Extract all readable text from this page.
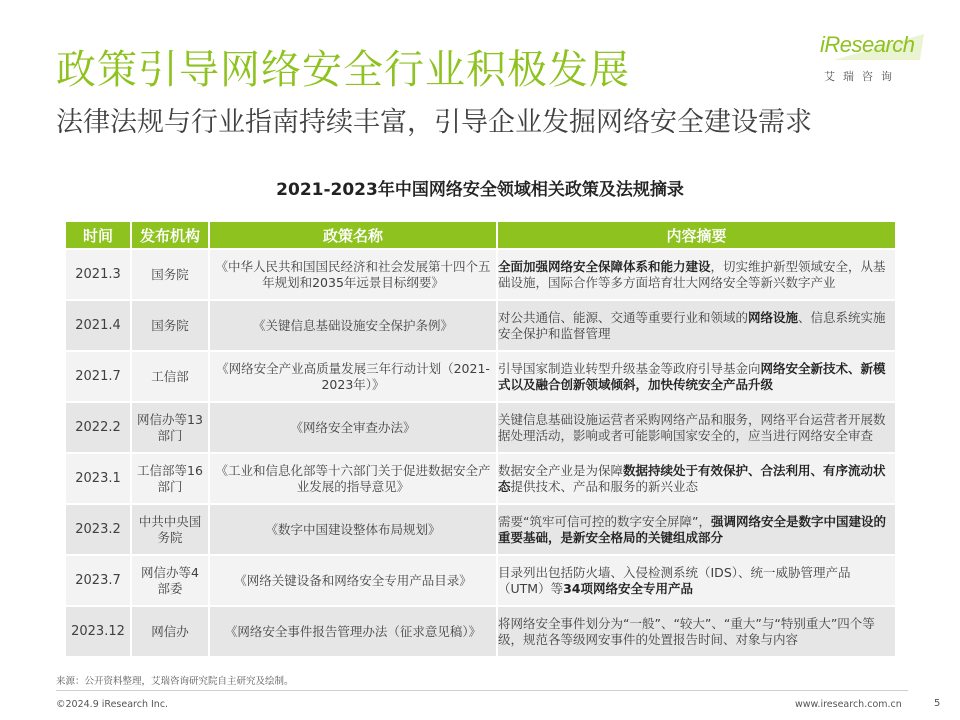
政策引导网络安全行业积极发展
法律法规与行业指南持续丰富，引导企业发掘网络安全建设需求
iResearch
艾瑞咨询
2021-2023年中国网络安全领域相关政策及法规摘录
时间	发布机构	政策名称	内容摘要
2021.3	国务院	《中华人民共和国国民经济和社会发展第十四个五年规划和2035年远景目标纲要》	全面加强网络安全保障体系和能力建设，切实维护新型领域安全，从基础设施，国际合作等多方面培育壮大网络安全等新兴数字产业
2021.4	国务院	《关键信息基础设施安全保护条例》	对公共通信、能源、交通等重要行业和领域的网络设施、信息系统实施安全保护和监督管理
2021.7	工信部	《网络安全产业高质量发展三年行动计划（2021-2023年）》	引导国家制造业转型升级基金等政府引导基金向网络安全新技术、新模式以及融合创新领域倾斜，加快传统安全产品升级
2022.2	网信办等13部门	《网络安全审查办法》	关键信息基础设施运营者采购网络产品和服务，网络平台运营者开展数据处理活动，影响或者可能影响国家安全的，应当进行网络安全审查
2023.1	工信部等16部门	《工业和信息化部等十六部门关于促进数据安全产业发展的指导意见》	数据安全产业是为保障数据持续处于有效保护、合法利用、有序流动状态提供技术、产品和服务的新兴业态
2023.2	中共中央国务院	《数字中国建设整体布局规划》	需要“筑牢可信可控的数字安全屏障”，强调网络安全是数字中国建设的重要基础，是新安全格局的关键组成部分
2023.7	网信办等4部委	《网络关键设备和网络安全专用产品目录》	目录列出包括防火墙、入侵检测系统（IDS）、统一威胁管理产品（UTM）等34项网络安全专用产品
2023.12	网信办	《网络安全事件报告管理办法（征求意见稿）》	将网络安全事件划分为“一般”、“较大”、“重大”与“特别重大”四个等级，规范各等级网安事件的处置报告时间、对象与内容
来源：公开资料整理，艾瑞咨询研究院自主研究及绘制。
©2024.9 iResearch Inc.	www.iresearch.com.cn	5
